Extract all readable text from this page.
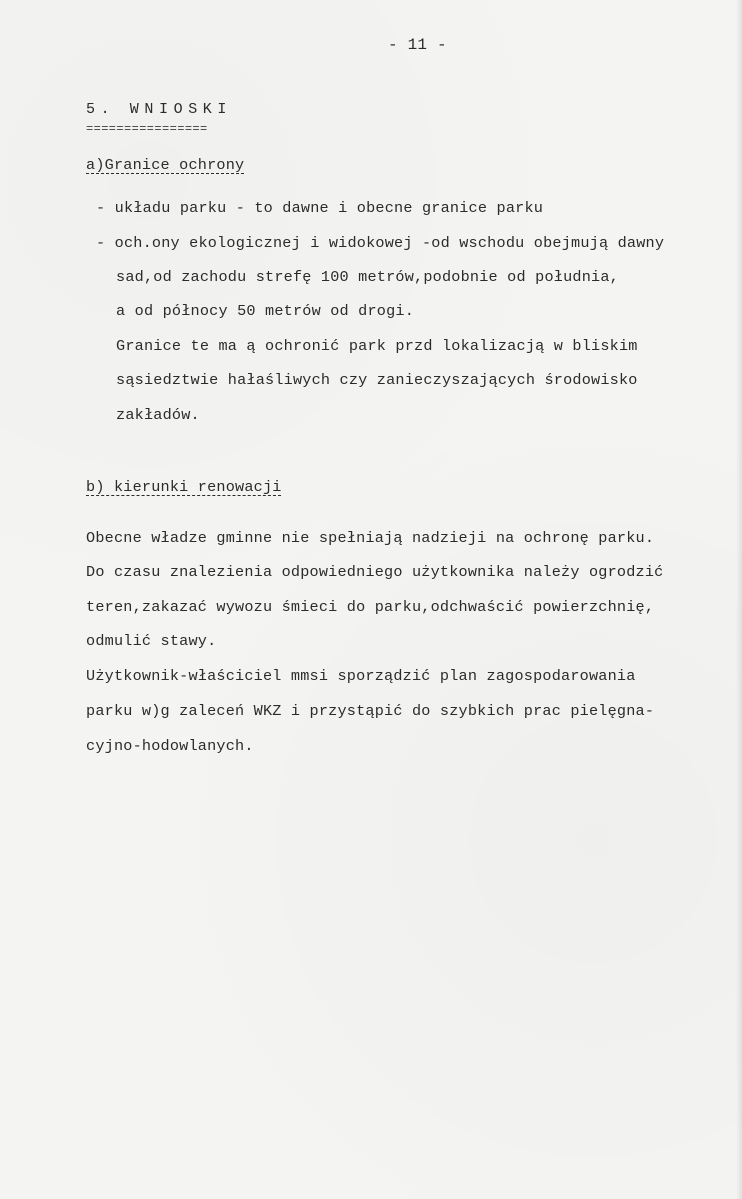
- 11 -
5. WNIOSKI
================
a)Granice ochrony
- układu parku - to dawne i obecne granice parku
- och.ony ekologicznej i widokowej -od wschodu obejmują dawny
sad,od zachodu strefę 100 metrów,podobnie od południa,
a od północy 50 metrów od drogi.
Granice te ma ą ochronić park przd lokalizacją w bliskim
sąsiedztwie hałaśliwych czy zanieczyszających środowisko
zakładów.
b) kierunki renowacji
Obecne władze gminne nie spełniają nadzieji na ochronę parku.
Do czasu znalezienia odpowiedniego użytkownika należy ogrodzić
teren,zakazać wywozu śmieci do parku,odchwaścić powierzchnię,
odmulić stawy.
Użytkownik-właściciel mmsi sporządzić plan zagospodarowania
parku w)g zaleceń WKZ i przystąpić do szybkich prac pielęgna-
cyjno-hodowlanych.
